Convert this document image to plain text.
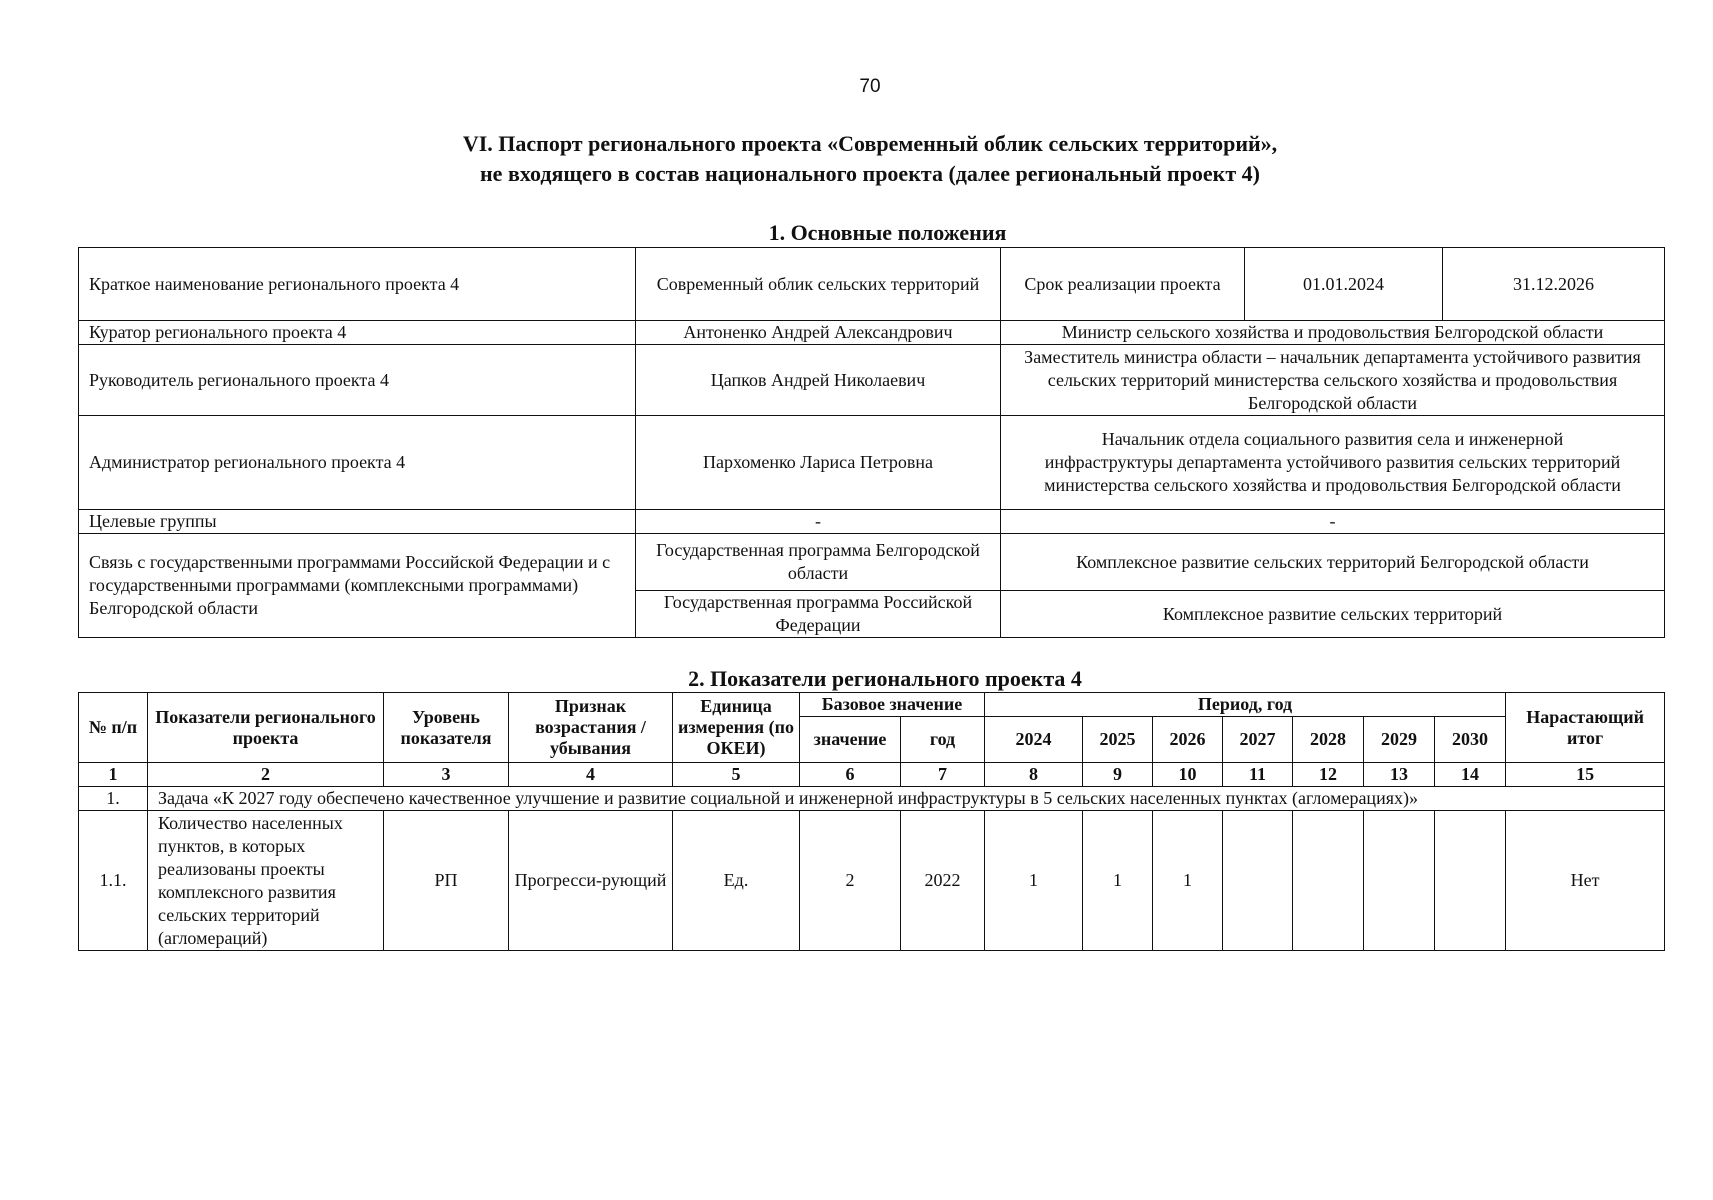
70
VI. Паспорт регионального проекта «Современный облик сельских территорий»,
не входящего в состав национального проекта (далее региональный проект 4)
1. Основные положения
Краткое наименование регионального проекта 4	Современный облик сельских территорий	Срок реализации проекта	01.01.2024	31.12.2026
Куратор регионального проекта 4	Антоненко Андрей Александрович	Министр сельского хозяйства и продовольствия Белгородской области		
Руководитель регионального проекта 4	Цапков Андрей Николаевич	Заместитель министра области – начальник департамента устойчивого развития сельских территорий министерства сельского хозяйства и продовольствия Белгородской области		
Администратор регионального проекта 4	Пархоменко Лариса Петровна	Начальник отдела социального развития села и инженерной инфраструктуры департамента устойчивого развития сельских территорий министерства сельского хозяйства и продовольствия Белгородской области		
Целевые группы	-	-		
Связь с государственными программами Российской Федерации и с государственными программами (комплексными программами) Белгородской области	Государственная программа Белгородской области	Комплексное развитие сельских территорий Белгородской области		
	Государственная программа Российской Федерации	Комплексное развитие сельских территорий		
2. Показатели регионального проекта 4
№ п/п	Показатели регионального проекта	Уровень показателя	Признак возрастания / убывания	Единица измерения (по ОКЕИ)	Базовое значение		Период, год							Нарастающий итог
					значение	год	2024	2025	2026	2027	2028	2029	2030	
1	2	3	4	5	6	7	8	9	10	11	12	13	14	15
1.	Задача «К 2027 году обеспечено качественное улучшение и развитие социальной и инженерной инфраструктуры в 5 сельских населенных пунктах (агломерациях)»													
1.1.	Количество населенных пунктов, в которых реализованы проекты комплексного развития сельских территорий (агломераций)	РП	Прогресси-рующий	Ед.	2	2022	1	1	1					Нет
